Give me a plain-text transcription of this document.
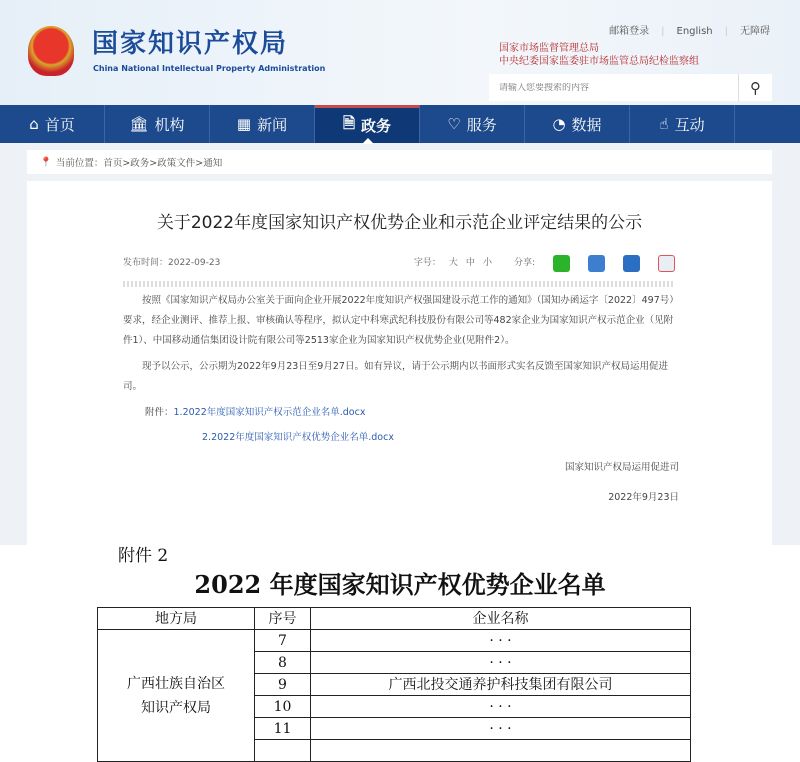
国家知识产权局
China National Intellectual Property Administration
邮箱登录 | English | 无障碍
国家市场监督管理总局
中央纪委国家监委驻市场监管总局纪检监察组
请输入您要搜索的内容
⚲
⌂ 首页	🏛 机构	▦ 新闻	🗎 政务	♡ 服务	◔ 数据	☝ 互动
📍 当前位置：首页>政务>政策文件>通知
关于2022年度国家知识产权优势企业和示范企业评定结果的公示
发布时间：2022-09-23	字号： 大 中 小 分享:

按照《国家知识产权局办公室关于面向企业开展2022年度知识产权强国建设示范工作的通知》（国知办函运字〔2022〕497号）要求，经企业测评、推荐上报、审核确认等程序，拟认定中科寒武纪科技股份有限公司等482家企业为国家知识产权示范企业（见附件1）、中国移动通信集团设计院有限公司等2513家企业为国家知识产权优势企业(见附件2）。

现予以公示，公示期为2022年9月23日至9月27日。如有异议，请于公示期内以书面形式实名反馈至国家知识产权局运用促进司。

附件：1.2022年度国家知识产权示范企业名单.docx
2.2022年度国家知识产权优势企业名单.docx
国家知识产权局运用促进司
2022年9月23日
附件 2
2022 年度国家知识产权优势企业名单
地方局	序号	企业名称
广西壮族自治区
知识产权局	7	· · ·
	8	· · ·
	9	广西北投交通养护科技集团有限公司
	10	· · ·
	11	· · ·
